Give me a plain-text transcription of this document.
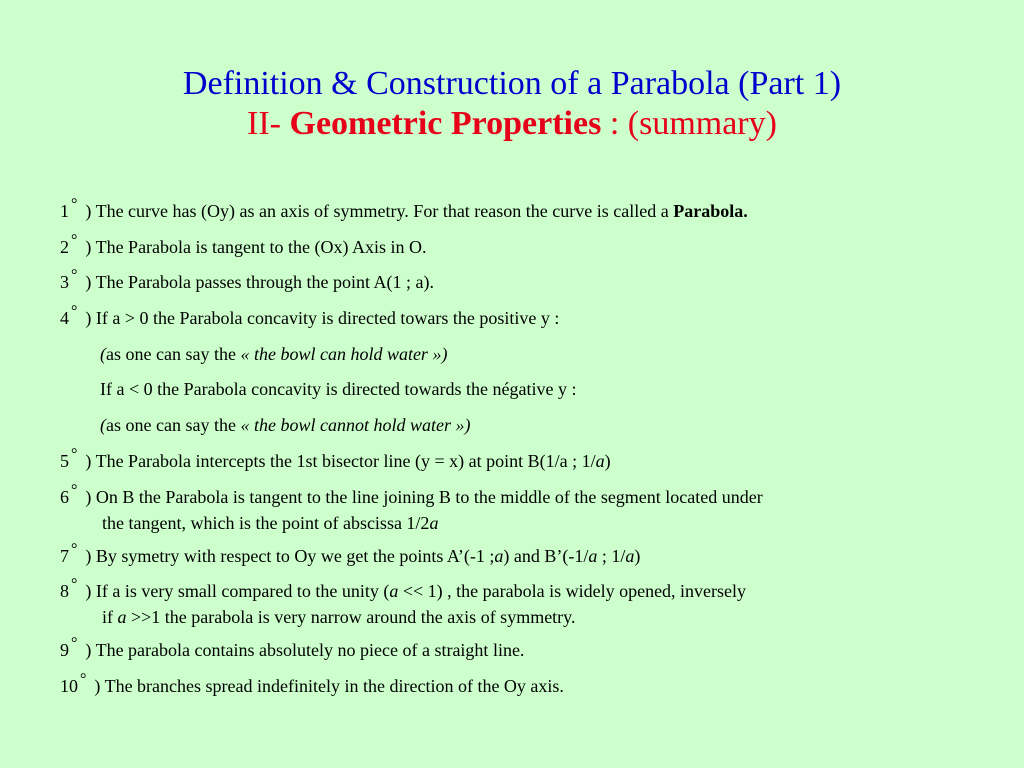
Definition & Construction of a Parabola (Part 1)
II- Geometric Properties : (summary)
1 ° ) The curve has (Oy) as an axis of symmetry. For that reason the curve is called a Parabola.
2 ° ) The Parabola is tangent to the (Ox) Axis in O.
3 ° ) The Parabola passes through the point A(1 ; a).
4 ° ) If a > 0 the Parabola concavity is directed towars the positive y :
(as one can say the « the bowl can hold water »)
If a < 0 the Parabola concavity is directed towards the négative y :
(as one can say the « the bowl cannot hold water »)
5 ° ) The Parabola intercepts the 1st bisector line (y = x) at point B(1/a ; 1/a)
6 ° ) On B the Parabola is tangent to the line joining B to the middle of the segment located under
the tangent, which is the point of abscissa 1/2a
7 ° ) By symetry with respect to Oy we get the points A’(-1 ;a) and B’(-1/a ; 1/a)
8 ° ) If a is very small compared to the unity (a << 1) , the parabola is widely opened, inversely
if a >>1 the parabola is very narrow around the axis of symmetry.
9 ° ) The parabola contains absolutely no piece of a straight line.
10 ° ) The branches spread indefinitely in the direction of the Oy axis.
